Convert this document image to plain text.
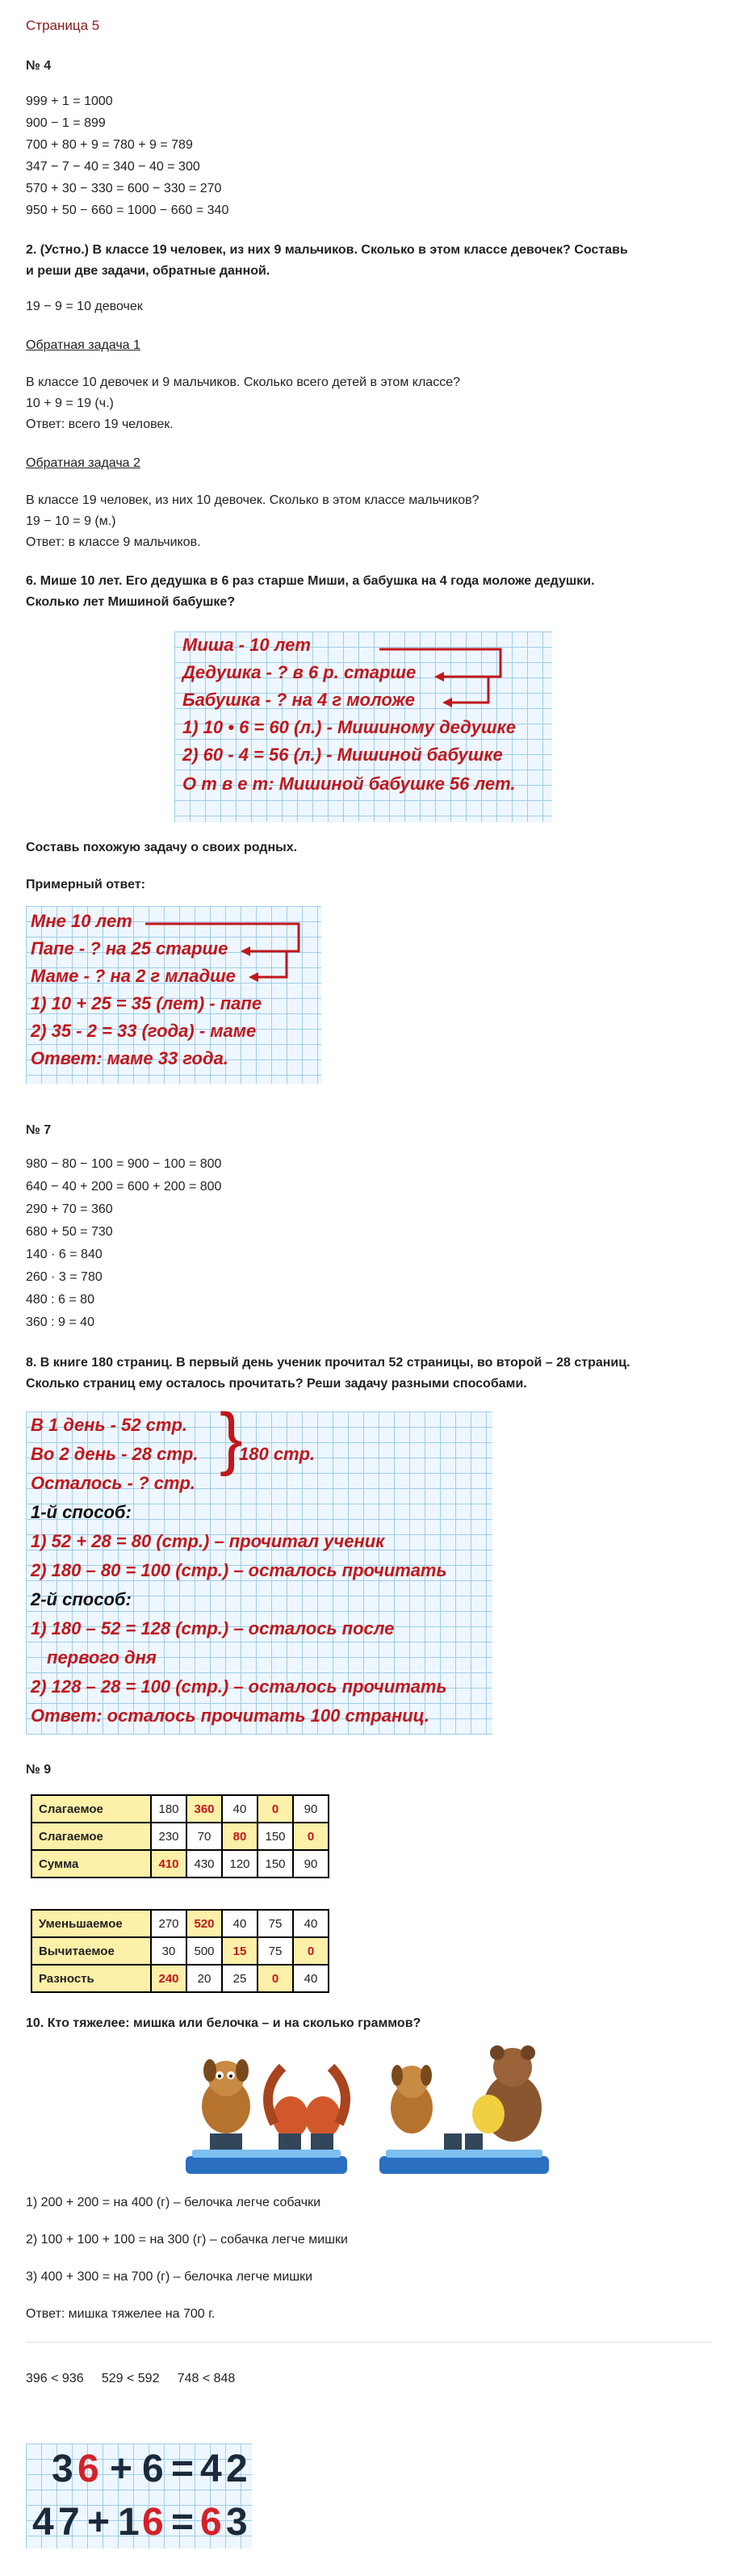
Страница 5
№ 4
999 + 1 = 1000
900 − 1 = 899
700 + 80 + 9 = 780 + 9 = 789
347 − 7 − 40 = 340 − 40 = 300
570 + 30 − 330 = 600 − 330 = 270
950 + 50 − 660 = 1000 − 660 = 340
2. (Устно.) В классе 19 человек, из них 9 мальчиков. Сколько в этом классе девочек? Составь
и реши две задачи, обратные данной.
19 − 9 = 10 девочек
Обратная задача 1
В классе 10 девочек и 9 мальчиков. Сколько всего детей в этом классе?
10 + 9 = 19 (ч.)
Ответ: всего 19 человек.
Обратная задача 2
В классе 19 человек, из них 10 девочек. Сколько в этом классе мальчиков?
19 − 10 = 9 (м.)
Ответ: в классе 9 мальчиков.
6. Мише 10 лет. Его дедушка в 6 раз старше Миши, а бабушка на 4 года моложе дедушки.
Сколько лет Мишиной бабушке?
Миша - 10 лет
Дедушка - ? в 6 р. старше
Бабушка - ? на 4 г моложе
1) 10 • 6 = 60 (л.) - Мишиному дедушке
2) 60 - 4 = 56 (л.) - Мишиной бабушке
О т в е т: Мишиной бабушке 56 лет.
Составь похожую задачу о своих родных.
Примерный ответ:
Мне 10 лет
Папе - ? на 25 старше
Маме - ? на 2 г младше
1) 10 + 25 = 35 (лет) - папе
2) 35 - 2 = 33 (года) - маме
Ответ: маме 33 года.
№ 7
980 − 80 − 100 = 900 − 100 = 800
640 − 40 + 200 = 600 + 200 = 800
290 + 70 = 360
680 + 50 = 730
140 · 6 = 840
260 · 3 = 780
480 : 6 = 80
360 : 9 = 40
8. В книге 180 страниц. В первый день ученик прочитал 52 страницы, во второй – 28 страниц.
Сколько страниц ему осталось прочитать? Реши задачу разными способами.
В 1 день - 52 стр.
Во 2 день - 28 стр.
Осталось - ? стр.
1-й способ:
1) 52 + 28 = 80 (стр.) – прочитал ученик
2) 180 – 80 = 100 (стр.) – осталось прочитать
2-й способ:
1) 180 – 52 = 128 (стр.) – осталось после
первого дня
2) 128 – 28 = 100 (стр.) – осталось прочитать
Ответ: осталось прочитать 100 страниц.
}
180 стр.
№ 9
Слагаемое	180	360	40	0	90
Слагаемое	230	70	80	150	0
Сумма	410	430	120	150	90
Уменьшаемое	270	520	40	75	40
Вычитаемое	30	500	15	75	0
Разность	240	20	25	0	40
10. Кто тяжелее: мишка или белочка – и на сколько граммов?
1) 200 + 200 = на 400 (г) – белочка легче собачки
2) 100 + 100 + 100 = на 300 (г) – собачка легче мишки
3) 400 + 300 = на 700 (г) – белочка легче мишки
Ответ: мишка тяжелее на 700 г.
396 < 936     529 < 592     748 < 848
3 6 + 6 = 4 2
4 7 + 1 6 = 6 3
